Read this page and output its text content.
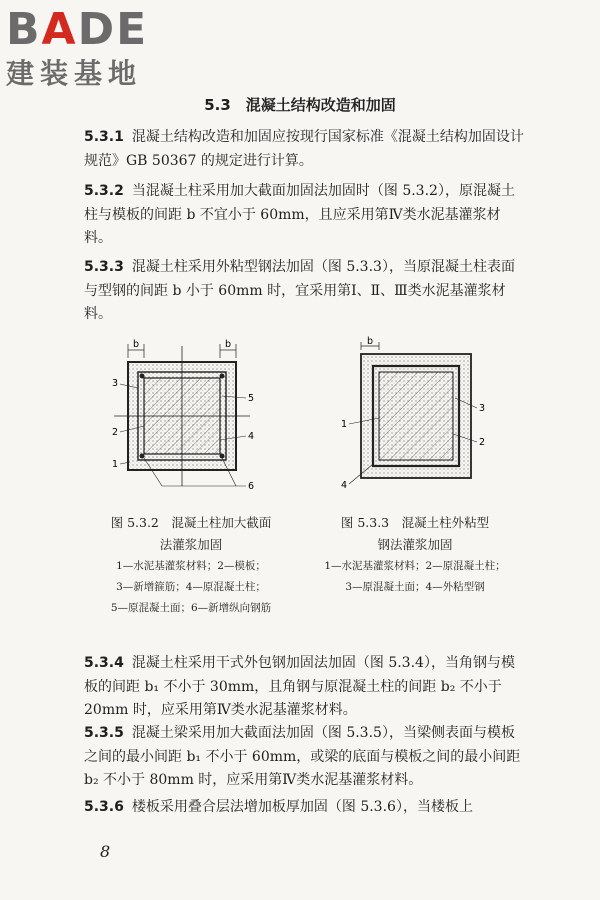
BADE
建装基地
5.3　 混凝土结构改造和加固

5.3.1 混凝土结构改造和加固应按现行国家标准《混凝土结构加固设计规范》GB 50367 的规定进行计算。

5.3.2 当混凝土柱采用加大截面加固法加固时（图 5.3.2），原混凝土柱与模板的间距 b 不宜小于 60mm，且应采用第Ⅳ类水泥基灌浆材料。

5.3.3 混凝土柱采用外粘型钢法加固（图 5.3.3），当原混凝土柱表面与型钢的间距 b 小于 60mm 时，宜采用第Ⅰ、Ⅱ、Ⅲ类水泥基灌浆材料。

b	b
3
2
1
5
4
6
b
1
3
2
4
图 5.3.2　混凝土柱加大截面
法灌浆加固
1—水泥基灌浆材料；2—模板；
3—新增箍筋；4—原混凝土柱；
5—原混凝土面；6—新增纵向钢筋
图 5.3.3　混凝土柱外粘型
钢法灌浆加固
1—水泥基灌浆材料；2—原混凝土柱；
3—原混凝土面；4—外粘型钢

5.3.4 混凝土柱采用干式外包钢加固法加固（图 5.3.4），当角钢与模板的间距 b₁ 不小于 30mm，且角钢与原混凝土柱的间距 b₂ 不小于 20mm 时，应采用第Ⅳ类水泥基灌浆材料。

5.3.5 混凝土梁采用加大截面法加固（图 5.3.5），当梁侧表面与模板之间的最小间距 b₁ 不小于 60mm，或梁的底面与模板之间的最小间距 b₂ 不小于 80mm 时，应采用第Ⅳ类水泥基灌浆材料。

5.3.6 楼板采用叠合层法增加板厚加固（图 5.3.6），当楼板上

8
